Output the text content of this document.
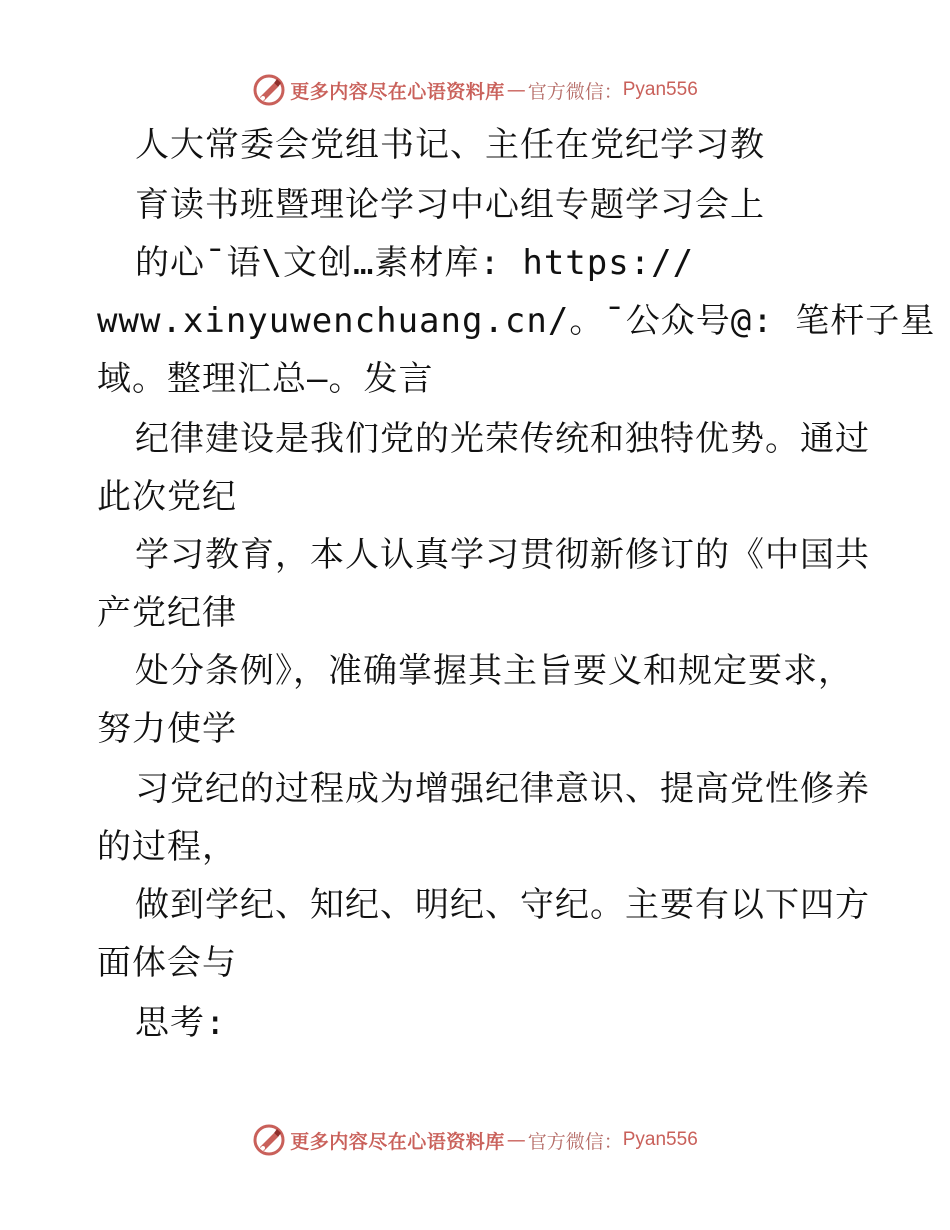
更多内容尽在心语资料库 — 官方微信： Pyan556
人大常委会党组书记、主任在党纪学习教
育读书班暨理论学习中心组专题学习会上
的心¯语\文创…素材库: https://
www.xinyuwenchuang.cn/。¯公众号@: 笔杆子星
域。整理汇总—。发言
纪律建设是我们党的光荣传统和独特优势。通过
此次党纪
学习教育，本人认真学习贯彻新修订的《中国共
产党纪律
处分条例》，准确掌握其主旨要义和规定要求，
努力使学
习党纪的过程成为增强纪律意识、提高党性修养
的过程，
做到学纪、知纪、明纪、守纪。主要有以下四方
面体会与
思考:
更多内容尽在心语资料库 — 官方微信： Pyan556
